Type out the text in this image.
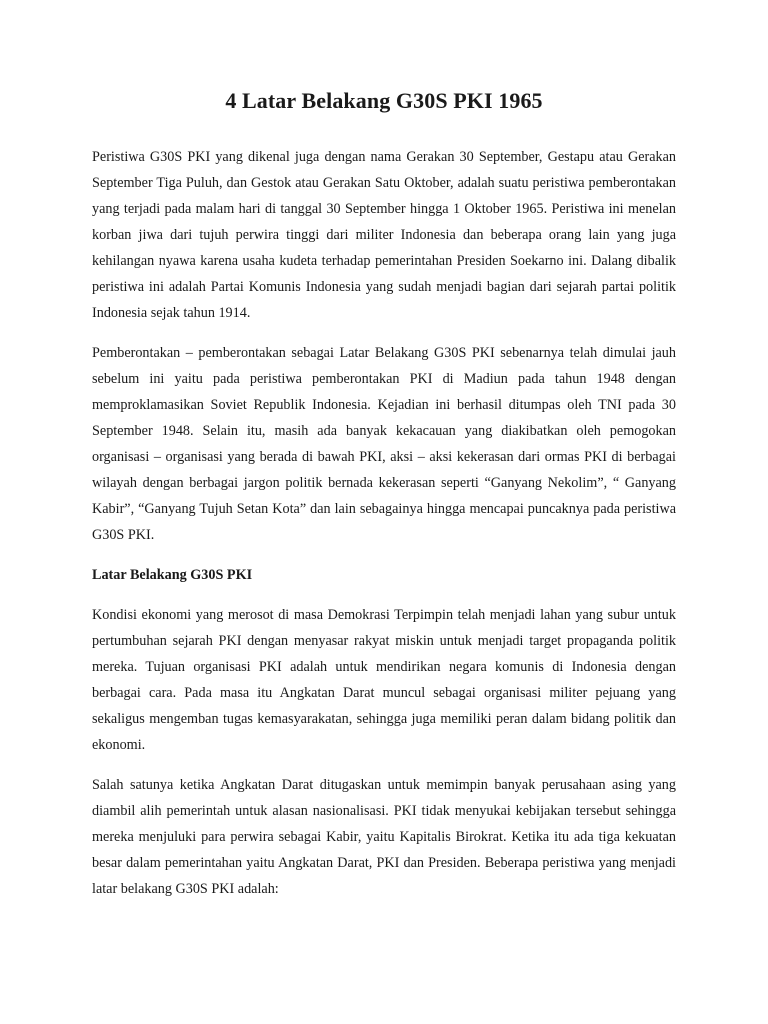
4 Latar Belakang G30S PKI 1965

Peristiwa G30S PKI yang dikenal juga dengan nama Gerakan 30 September, Gestapu atau Gerakan September Tiga Puluh, dan Gestok atau Gerakan Satu Oktober, adalah suatu peristiwa pemberontakan yang terjadi pada malam hari di tanggal 30 September hingga 1 Oktober 1965. Peristiwa ini menelan korban jiwa dari tujuh perwira tinggi dari militer Indonesia dan beberapa orang lain yang juga kehilangan nyawa karena usaha kudeta terhadap pemerintahan Presiden Soekarno ini. Dalang dibalik peristiwa ini adalah Partai Komunis Indonesia yang sudah menjadi bagian dari sejarah partai politik Indonesia sejak tahun 1914.

Pemberontakan – pemberontakan sebagai Latar Belakang G30S PKI sebenarnya telah dimulai jauh sebelum ini yaitu pada peristiwa pemberontakan PKI di Madiun pada tahun 1948 dengan memproklamasikan Soviet Republik Indonesia. Kejadian ini berhasil ditumpas oleh TNI pada 30 September 1948. Selain itu, masih ada banyak kekacauan yang diakibatkan oleh pemogokan organisasi – organisasi yang berada di bawah PKI, aksi – aksi kekerasan dari ormas PKI di berbagai wilayah dengan berbagai jargon politik bernada kekerasan seperti “Ganyang Nekolim”, “ Ganyang Kabir”, “Ganyang Tujuh Setan Kota” dan lain sebagainya hingga mencapai puncaknya pada peristiwa G30S PKI.

Latar Belakang G30S PKI

Kondisi ekonomi yang merosot di masa Demokrasi Terpimpin telah menjadi lahan yang subur untuk pertumbuhan sejarah PKI dengan menyasar rakyat miskin untuk menjadi target propaganda politik mereka. Tujuan organisasi PKI adalah untuk mendirikan negara komunis di Indonesia dengan berbagai cara. Pada masa itu Angkatan Darat muncul sebagai organisasi militer pejuang yang sekaligus mengemban tugas kemasyarakatan, sehingga juga memiliki peran dalam bidang politik dan ekonomi.

Salah satunya ketika Angkatan Darat ditugaskan untuk memimpin banyak perusahaan asing yang diambil alih pemerintah untuk alasan nasionalisasi. PKI tidak menyukai kebijakan tersebut sehingga mereka menjuluki para perwira sebagai Kabir, yaitu Kapitalis Birokrat. Ketika itu ada tiga kekuatan besar dalam pemerintahan yaitu Angkatan Darat, PKI dan Presiden. Beberapa peristiwa yang menjadi latar belakang G30S PKI adalah:
